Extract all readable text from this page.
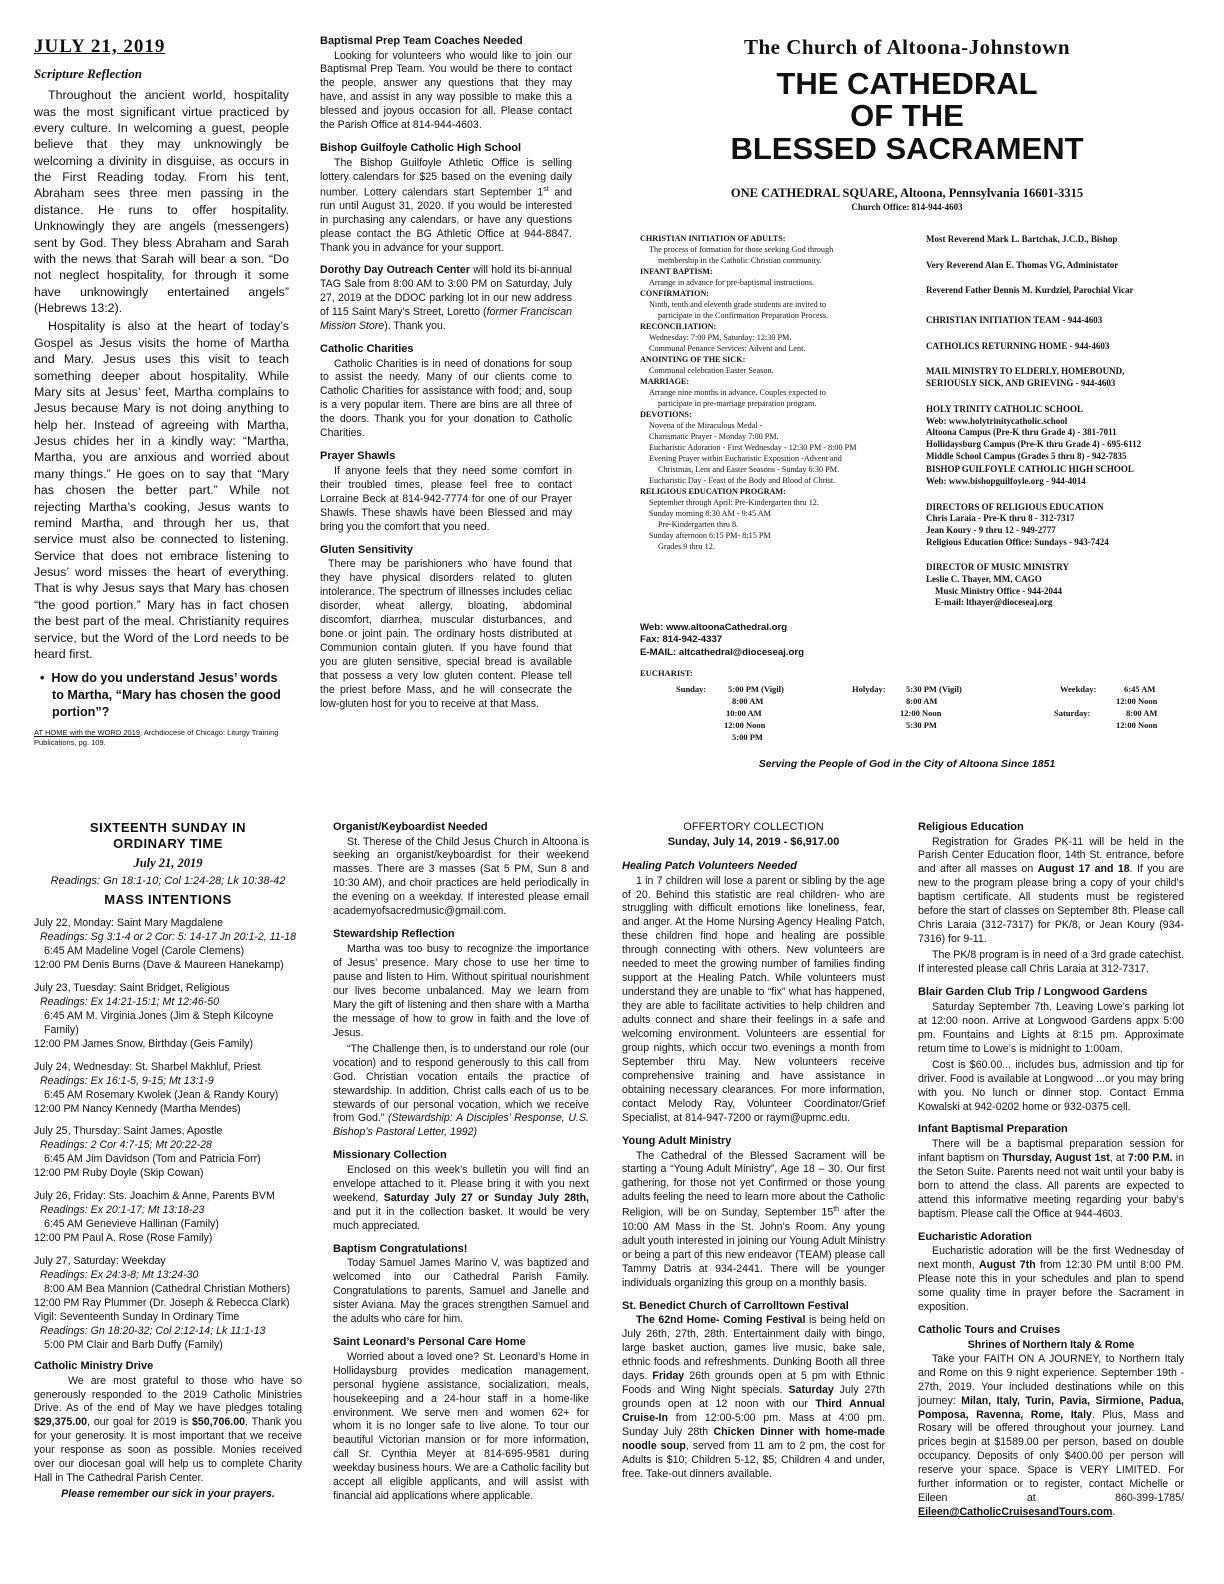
JULY 21, 2019
Scripture Reflection

Throughout the ancient world, hospitality was the most significant virtue practiced by every culture. In welcoming a guest, people believe that they may unknowingly be welcoming a divinity in disguise, as occurs in the First Reading today. From his tent, Abraham sees three men passing in the distance. He runs to offer hospitality. Unknowingly they are angels (messengers) sent by God. They bless Abraham and Sarah with the news that Sarah will bear a son. “Do not neglect hospitality, for through it some have unknowingly entertained angels” (Hebrews 13:2).

Hospitality is also at the heart of today’s Gospel as Jesus visits the home of Martha and Mary. Jesus uses this visit to teach something deeper about hospitality. While Mary sits at Jesus’ feet, Martha complains to Jesus because Mary is not doing anything to help her. Instead of agreeing with Martha, Jesus chides her in a kindly way: “Martha, Martha, you are anxious and worried about many things.” He goes on to say that “Mary has chosen the better part.” While not rejecting Martha’s cooking, Jesus wants to remind Martha, and through her us, that service must also be connected to listening. Service that does not embrace listening to Jesus’ word misses the heart of everything. That is why Jesus says that Mary has chosen “the good portion.” Mary has in fact chosen the best part of the meal. Christianity requires service, but the Word of the Lord needs to be heard first.

•  How do you understand Jesus’ words to Martha, “Mary has chosen the good portion”?
AT HOME with the WORD 2019, Archdiocese of Chicago: Liturgy Training Publications, pg. 109.
Baptismal Prep Team Coaches Needed

Looking for volunteers who would like to join our Baptismal Prep Team. You would be there to contact the people, answer any questions that they may have, and assist in any way possible to make this a blessed and joyous occasion for all. Please contact the Parish Office at 814-944-4603.

Bishop Guilfoyle Catholic High School

The Bishop Guilfoyle Athletic Office is selling lottery calendars for $25 based on the evening daily number. Lottery calendars start September 1st and run until August 31, 2020. If you would be interested in purchasing any calendars, or have any questions please contact the BG Athletic Office at 944-8847. Thank you in advance for your support.

Dorothy Day Outreach Center will hold its bi-annual TAG Sale from 8:00 AM to 3:00 PM on Saturday, July 27, 2019 at the DDOC parking lot in our new address of 115 Saint Mary’s Street, Loretto (former Franciscan Mission Store). Thank you.

Catholic Charities

Catholic Charities is in need of donations for soup to assist the needy. Many of our clients come to Catholic Charities for assistance with food; and, soup is a very popular item. There are bins are all three of the doors. Thank you for your donation to Catholic Charities.

Prayer Shawls

If anyone feels that they need some comfort in their troubled times, please feel free to contact Lorraine Beck at 814-942-7774 for one of our Prayer Shawls. These shawls have been Blessed and may bring you the comfort that you need.

Gluten Sensitivity

There may be parishioners who have found that they have physical disorders related to gluten intolerance. The spectrum of illnesses includes celiac disorder, wheat allergy, bloating, abdominal discomfort, diarrhea, muscular disturbances, and bone or joint pain. The ordinary hosts distributed at Communion contain gluten. If you have found that you are gluten sensitive, special bread is available that possess a very low gluten content. Please tell the priest before Mass, and he will consecrate the low-gluten host for you to receive at that Mass.

The Church of Altoona-Johnstown
THE CATHEDRAL
OF THE
BLESSED SACRAMENT
ONE CATHEDRAL SQUARE, Altoona, Pennsylvania 16601-3315
Church Office: 814-944-4603
CHRISTIAN INITIATION OF ADULTS:
The process of formation for those seeking God through
membership in the Catholic Christian community.
INFANT BAPTISM:
Arrange in advance for pre-baptismal instructions.
CONFIRMATION:
Ninth, tenth and eleventh grade students are invited to
participate in the Confirmation Preparation Process.
RECONCILIATION:
Wednesday: 7:00 PM, Saturday: 12:30 PM.
Communal Penance Services: Advent and Lent.
ANOINTING OF THE SICK:
Communal celebration Easter Season.
MARRIAGE:
Arrange nine months in advance. Couples expected to
participate in pre-marriage preparation program.
DEVOTIONS:
Novena of the Miraculous Medal -
Charismatic Prayer - Monday 7:00 PM.
Eucharistic Adoration - First Wednesday - 12:30 PM - 8:00 PM
Evening Prayer within Eucharistic Exposition -Advent and
Christmas, Lent and Easter Seasons - Sunday 6:30 PM.
Eucharistic Day - Feast of the Body and Blood of Christ.
RELIGIOUS EDUCATION PROGRAM:
September through April: Pre-Kindergarten thru 12.
Sunday morning 8:30 AM - 9:45 AM
Pre-Kindergarten thru 8.
Sunday afternoon 6:15 PM- 8:15 PM
Grades 9 thru 12.
Web: www.altoonaCathedral.org
Fax: 814-942-4337
E-MAIL: altcathedral@dioceseaj.org
Most Reverend Mark L. Bartchak, J.C.D., Bishop
Very Reverend Alan E. Thomas VG, Administator
Reverend Father Dennis M. Kurdziel, Parochial Vicar
CHRISTIAN INITIATION TEAM - 944-4603
CATHOLICS RETURNING HOME - 944-4603
MAIL MINISTRY TO ELDERLY, HOMEBOUND,
SERIOUSLY SICK, AND GRIEVING - 944-4603
HOLY TRINITY CATHOLIC SCHOOL
Web: www.holytrinitycatholic.school
Altoona Campus (Pre-K thru Grade 4) - 381-7011
Hollidaysburg Campus (Pre-K thru Grade 4) - 695-6112
Middle School Campus (Grades 5 thru 8) - 942-7835
BISHOP GUILFOYLE CATHOLIC HIGH SCHOOL
Web: www.bishopguilfoyle.org - 944-4014
DIRECTORS OF RELIGIOUS EDUCATION
Chris Laraia - Pre-K thru 8 - 312-7317
Jean Koury - 9 thru 12 - 949-2777
Religious Education Office: Sundays - 943-7424
DIRECTOR OF MUSIC MINISTRY
Leslie C. Thayer, MM, CAGO
Music Ministry Office - 944-2044
E-mail: lthayer@dioceseaj.org
EUCHARIST:
Sunday:	5:00 PM (Vigil)
8:00 AM
10:00 AM
12:00 Noon
5:00 PM
Holyday: 5:30 PM (Vigil)
8:00 AM
12:00 Noon
5:30 PM
Weekday:	6:45 AM
12:00 Noon
Saturday:	8:00 AM
12:00 Noon
Serving the People of God in the City of Altoona Since 1851
SIXTEENTH SUNDAY IN
ORDINARY TIME
July 21, 2019
Readings: Gn 18:1-10; Col 1:24-28; Lk 10:38-42
MASS INTENTIONS
July 22, Monday: Saint Mary Magdalene
Readings: Sg 3:1-4 or 2 Cor: 5: 14-17 Jn 20:1-2, 11-18
6:45 AM Madeline Vogel (Carole Clemens)
12:00 PM Denis Burns (Dave & Maureen Hanekamp)
July 23, Tuesday: Saint Bridget, Religious
Readings: Ex 14:21-15:1; Mt 12:46-50
6:45 AM M. Virginia Jones (Jim & Steph Kilcoyne Family)
12:00 PM James Snow, Birthday (Geis Family)
July 24, Wednesday: St. Sharbel Makhluf, Priest
Readings: Ex 16:1-5, 9-15; Mt 13:1-9
6:45 AM Rosemary Kwolek (Jean & Randy Koury)
12:00 PM Nancy Kennedy (Martha Mendes)
July 25, Thursday: Saint James, Apostle
Readings: 2 Cor 4:7-15; Mt 20:22-28
6:45 AM Jim Davidson (Tom and Patricia Forr)
12:00 PM Ruby Doyle (Skip Cowan)
July 26, Friday: Sts. Joachim & Anne, Parents BVM
Readings: Ex 20:1-17; Mt 13:18-23
6:45 AM Genevieve Hallinan (Family)
12:00 PM Paul A. Rose (Rose Family)
July 27, Saturday: Weekday
Readings: Ex 24:3-8; Mt 13:24-30
8:00 AM Bea Mannion (Cathedral Christian Mothers)
12:00 PM Ray Plummer (Dr. Joseph & Rebecca Clark)
Vigil: Seventeenth Sunday In Ordinary Time
Readings: Gn 18:20-32; Col 2:12-14; Lk 11:1-13
5:00 PM Clair and Barb Duffy (Family)
Catholic Ministry Drive

We are most grateful to those who have so generously responded to the 2019 Catholic Ministries Drive. As of the end of May we have pledges totaling $29,375.00, our goal for 2019 is $50,706.00. Thank you for your generosity. It is most important that we receive your response as soon as possible. Monies received over our diocesan goal will help us to complete Charity Hall in The Cathedral Parish Center.

Please remember our sick in your prayers.
Organist/Keyboardist Needed

St. Therese of the Child Jesus Church in Altoona is seeking an organist/keyboardist for their weekend masses. There are 3 masses (Sat 5 PM, Sun 8 and 10:30 AM), and choir practices are held periodically in the evening on a weekday. If interested please email academyofsacredmusic@gmail.com.

Stewardship Reflection

Martha was too busy to recognize the importance of Jesus’ presence. Mary chose to use her time to pause and listen to Him. Without spiritual nourishment our lives become unbalanced. May we learn from Mary the gift of listening and then share with a Martha the message of how to grow in faith and the love of Jesus.

“The Challenge then, is to understand our role (our vocation) and to respond generously to this call from God. Christian vocation entails the practice of stewardship. In addition, Christ calls each of us to be stewards of our personal vocation, which we receive from God.” (Stewardship: A Disciples’ Response, U.S. Bishop’s Pastoral Letter, 1992)

Missionary Collection

Enclosed on this week’s bulletin you will find an envelope attached to it. Please bring it with you next weekend, Saturday July 27 or Sunday July 28th, and put it in the collection basket. It would be very much appreciated.

Baptism Congratulations!

Today Samuel James Marino V, was baptized and welcomed into our Cathedral Parish Family. Congratulations to parents, Samuel and Janelle and sister Aviana. May the graces strengthen Samuel and the adults who care for him.

Saint Leonard’s Personal Care Home

Worried about a loved one? St. Leonard’s Home in Hollidaysburg provides medication management, personal hygiene assistance, socialization, meals, housekeeping and a 24-hour staff in a home-like environment. We serve men and women 62+ for whom it is no longer safe to live alone. To tour our beautiful Victorian mansion or for more information, call Sr. Cynthia Meyer at 814-695-9581 during weekday business hours. We are a Catholic facility but accept all eligible applicants, and will assist with financial aid applications where applicable.

OFFERTORY COLLECTION
Sunday, July 14, 2019 - $6,917.00
Healing Patch Volunteers Needed

1 in 7 children will lose a parent or sibling by the age of 20. Behind this statistic are real children- who are struggling with difficult emotions like loneliness, fear, and anger. At the Home Nursing Agency Healing Patch, these children find hope and healing are possible through connecting with others. New volunteers are needed to meet the growing number of families finding support at the Healing Patch. While volunteers must understand they are unable to “fix” what has happened, they are able to facilitate activities to help children and adults connect and share their feelings in a safe and welcoming environment. Volunteers are essential for group nights, which occur two evenings a month from September thru May. New volunteers receive comprehensive training and have assistance in obtaining necessary clearances. For more information, contact Melody Ray, Volunteer Coordinator/Grief Specialist, at 814-947-7200 or raym@upmc.edu.

Young Adult Ministry

The Cathedral of the Blessed Sacrament will be starting a “Young Adult Ministry”, Age 18 – 30. Our first gathering, for those not yet Confirmed or those young adults feeling the need to learn more about the Catholic Religion, will be on Sunday, September 15th after the 10:00 AM Mass in the St. John’s Room. Any young adult youth interested in joining our Young Adult Ministry or being a part of this new endeavor (TEAM) please call Tammy Datris at 934-2441. There will be younger individuals organizing this group on a monthly basis.

St. Benedict Church of Carrolltown Festival

The 62nd Home- Coming Festival is being held on July 26th, 27th, 28th. Entertainment daily with bingo, large basket auction, games live music, bake sale, ethnic foods and refreshments. Dunking Booth all three days. Friday 26th grounds open at 5 pm with Ethnic Foods and Wing Night specials. Saturday July 27th grounds open at 12 noon with our Third Annual Cruise-In from 12:00-5:00 pm. Mass at 4:00 pm. Sunday July 28th Chicken Dinner with home-made noodle soup, served from 11 am to 2 pm, the cost for Adults is $10; Children 5-12, $5; Children 4 and under, free. Take-out dinners available.

Religious Education

Registration for Grades PK-11 will be held in the Parish Center Education floor, 14th St. entrance, before and after all masses on August 17 and 18. If you are new to the program please bring a copy of your child’s baptism certificate. All students must be registered before the start of classes on September 8th. Please call Chris Laraia (312-7317) for PK/8, or Jean Koury (934-7316) for 9-11.

The PK/8 program is in need of a 3rd grade catechist. If interested please call Chris Laraia at 312-7317.

Blair Garden Club Trip / Longwood Gardens

Saturday September 7th. Leaving Lowe’s parking lot at 12:00 noon. Arrive at Longwood Gardens appx 5:00 pm. Fountains and Lights at 8:15 pm. Approximate return time to Lowe’s is midnight to 1:00am.

Cost is $60.00... includes bus, admission and tip for driver. Food is available at Longwood ...or you may bring with you. No lunch or dinner stop. Contact Emma Kowalski at 942-0202 home or 932-0375 cell.

Infant Baptismal Preparation

There will be a baptismal preparation session for infant baptism on Thursday, August 1st, at 7:00 P.M. in the Seton Suite. Parents need not wait until your baby is born to attend the class. All parents are expected to attend this informative meeting regarding your baby’s baptism. Please call the Office at 944-4603.

Eucharistic Adoration

Eucharistic adoration will be the first Wednesday of next month, August 7th from 12:30 PM until 8:00 PM. Please note this in your schedules and plan to spend some quality time in prayer before the Sacrament in exposition.

Catholic Tours and Cruises
Shrines of Northern Italy & Rome

Take your FAITH ON A JOURNEY, to Northern Italy and Rome on this 9 night experience. September 19th - 27th, 2019. Your included destinations while on this journey: Milan, Italy, Turin, Pavia, Sirmione, Padua, Pomposa, Ravenna, Rome, Italy. Plus, Mass and Rosary will be offered throughout your journey. Land prices begin at $1589.00 per person, based on double occupancy. Deposits of only $400.00 per person will reserve your space. Space is VERY LIMITED. For further information or to register, contact Michelle or Eileen at 860-399-1785/ Eileen@CatholicCruisesandTours.com.
